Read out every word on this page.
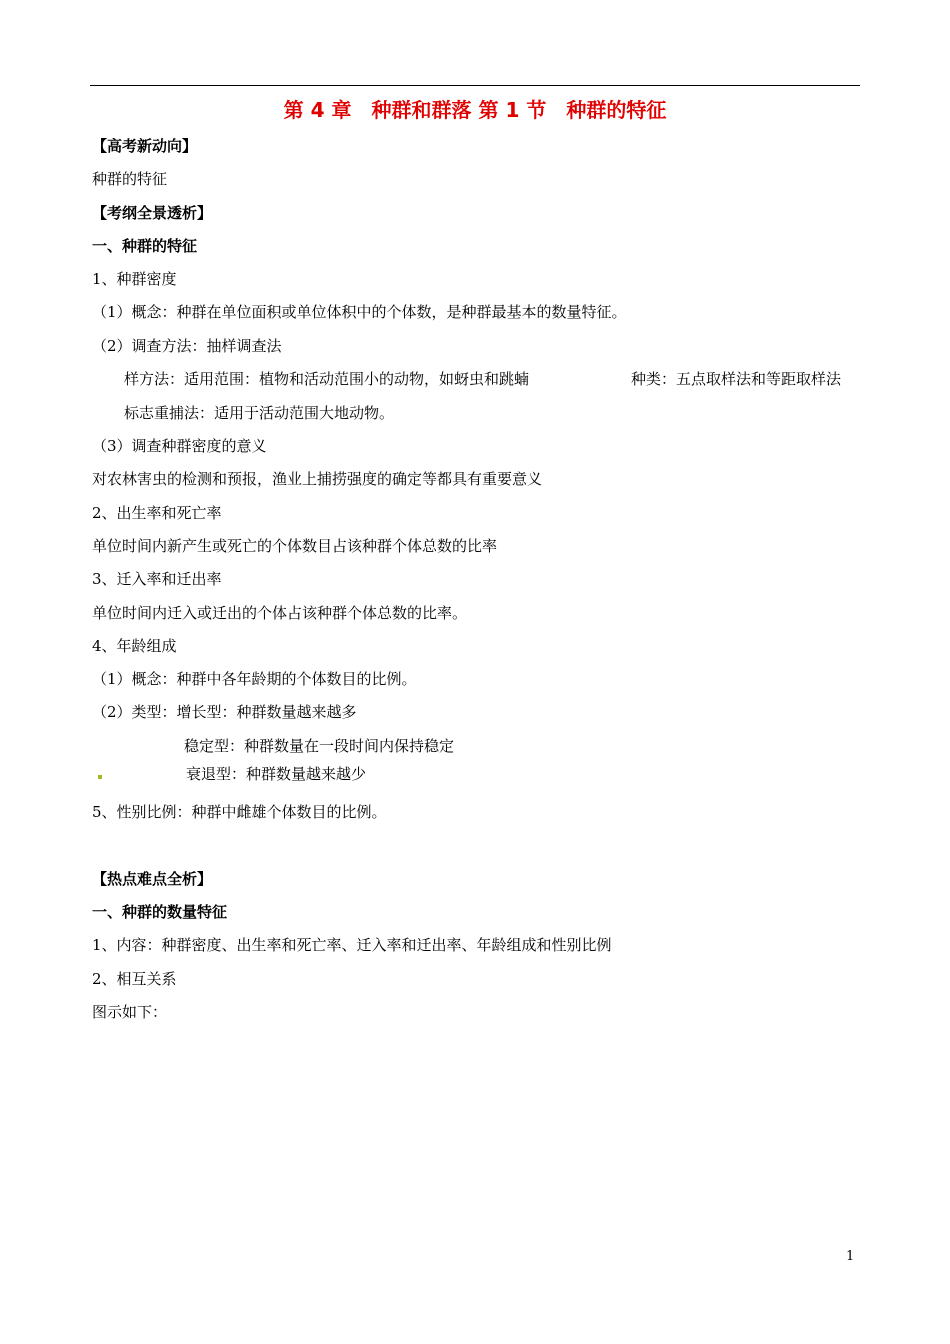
第 4 章　种群和群落 第 1 节　种群的特征
【高考新动向】
种群的特征
【考纲全景透析】
一、种群的特征
1、种群密度
（1）概念：种群在单位面积或单位体积中的个体数，是种群最基本的数量特征。
（2）调查方法：抽样调查法
样方法：适用范围：植物和活动范围小的动物，如蚜虫和跳蝻	种类：五点取样法和等距取样法
标志重捕法：适用于活动范围大地动物。
（3）调查种群密度的意义
对农林害虫的检测和预报，渔业上捕捞强度的确定等都具有重要意义
2、出生率和死亡率
单位时间内新产生或死亡的个体数目占该种群个体总数的比率
3、迁入率和迁出率
单位时间内迁入或迁出的个体占该种群个体总数的比率。
4、年龄组成
（1）概念：种群中各年龄期的个体数目的比例。
（2）类型：增长型：种群数量越来越多
稳定型：种群数量在一段时间内保持稳定
衰退型：种群数量越来越少
5、性别比例：种群中雌雄个体数目的比例。
【热点难点全析】
一、种群的数量特征
1、内容：种群密度、出生率和死亡率、迁入率和迁出率、年龄组成和性别比例
2、相互关系
图示如下：
1
